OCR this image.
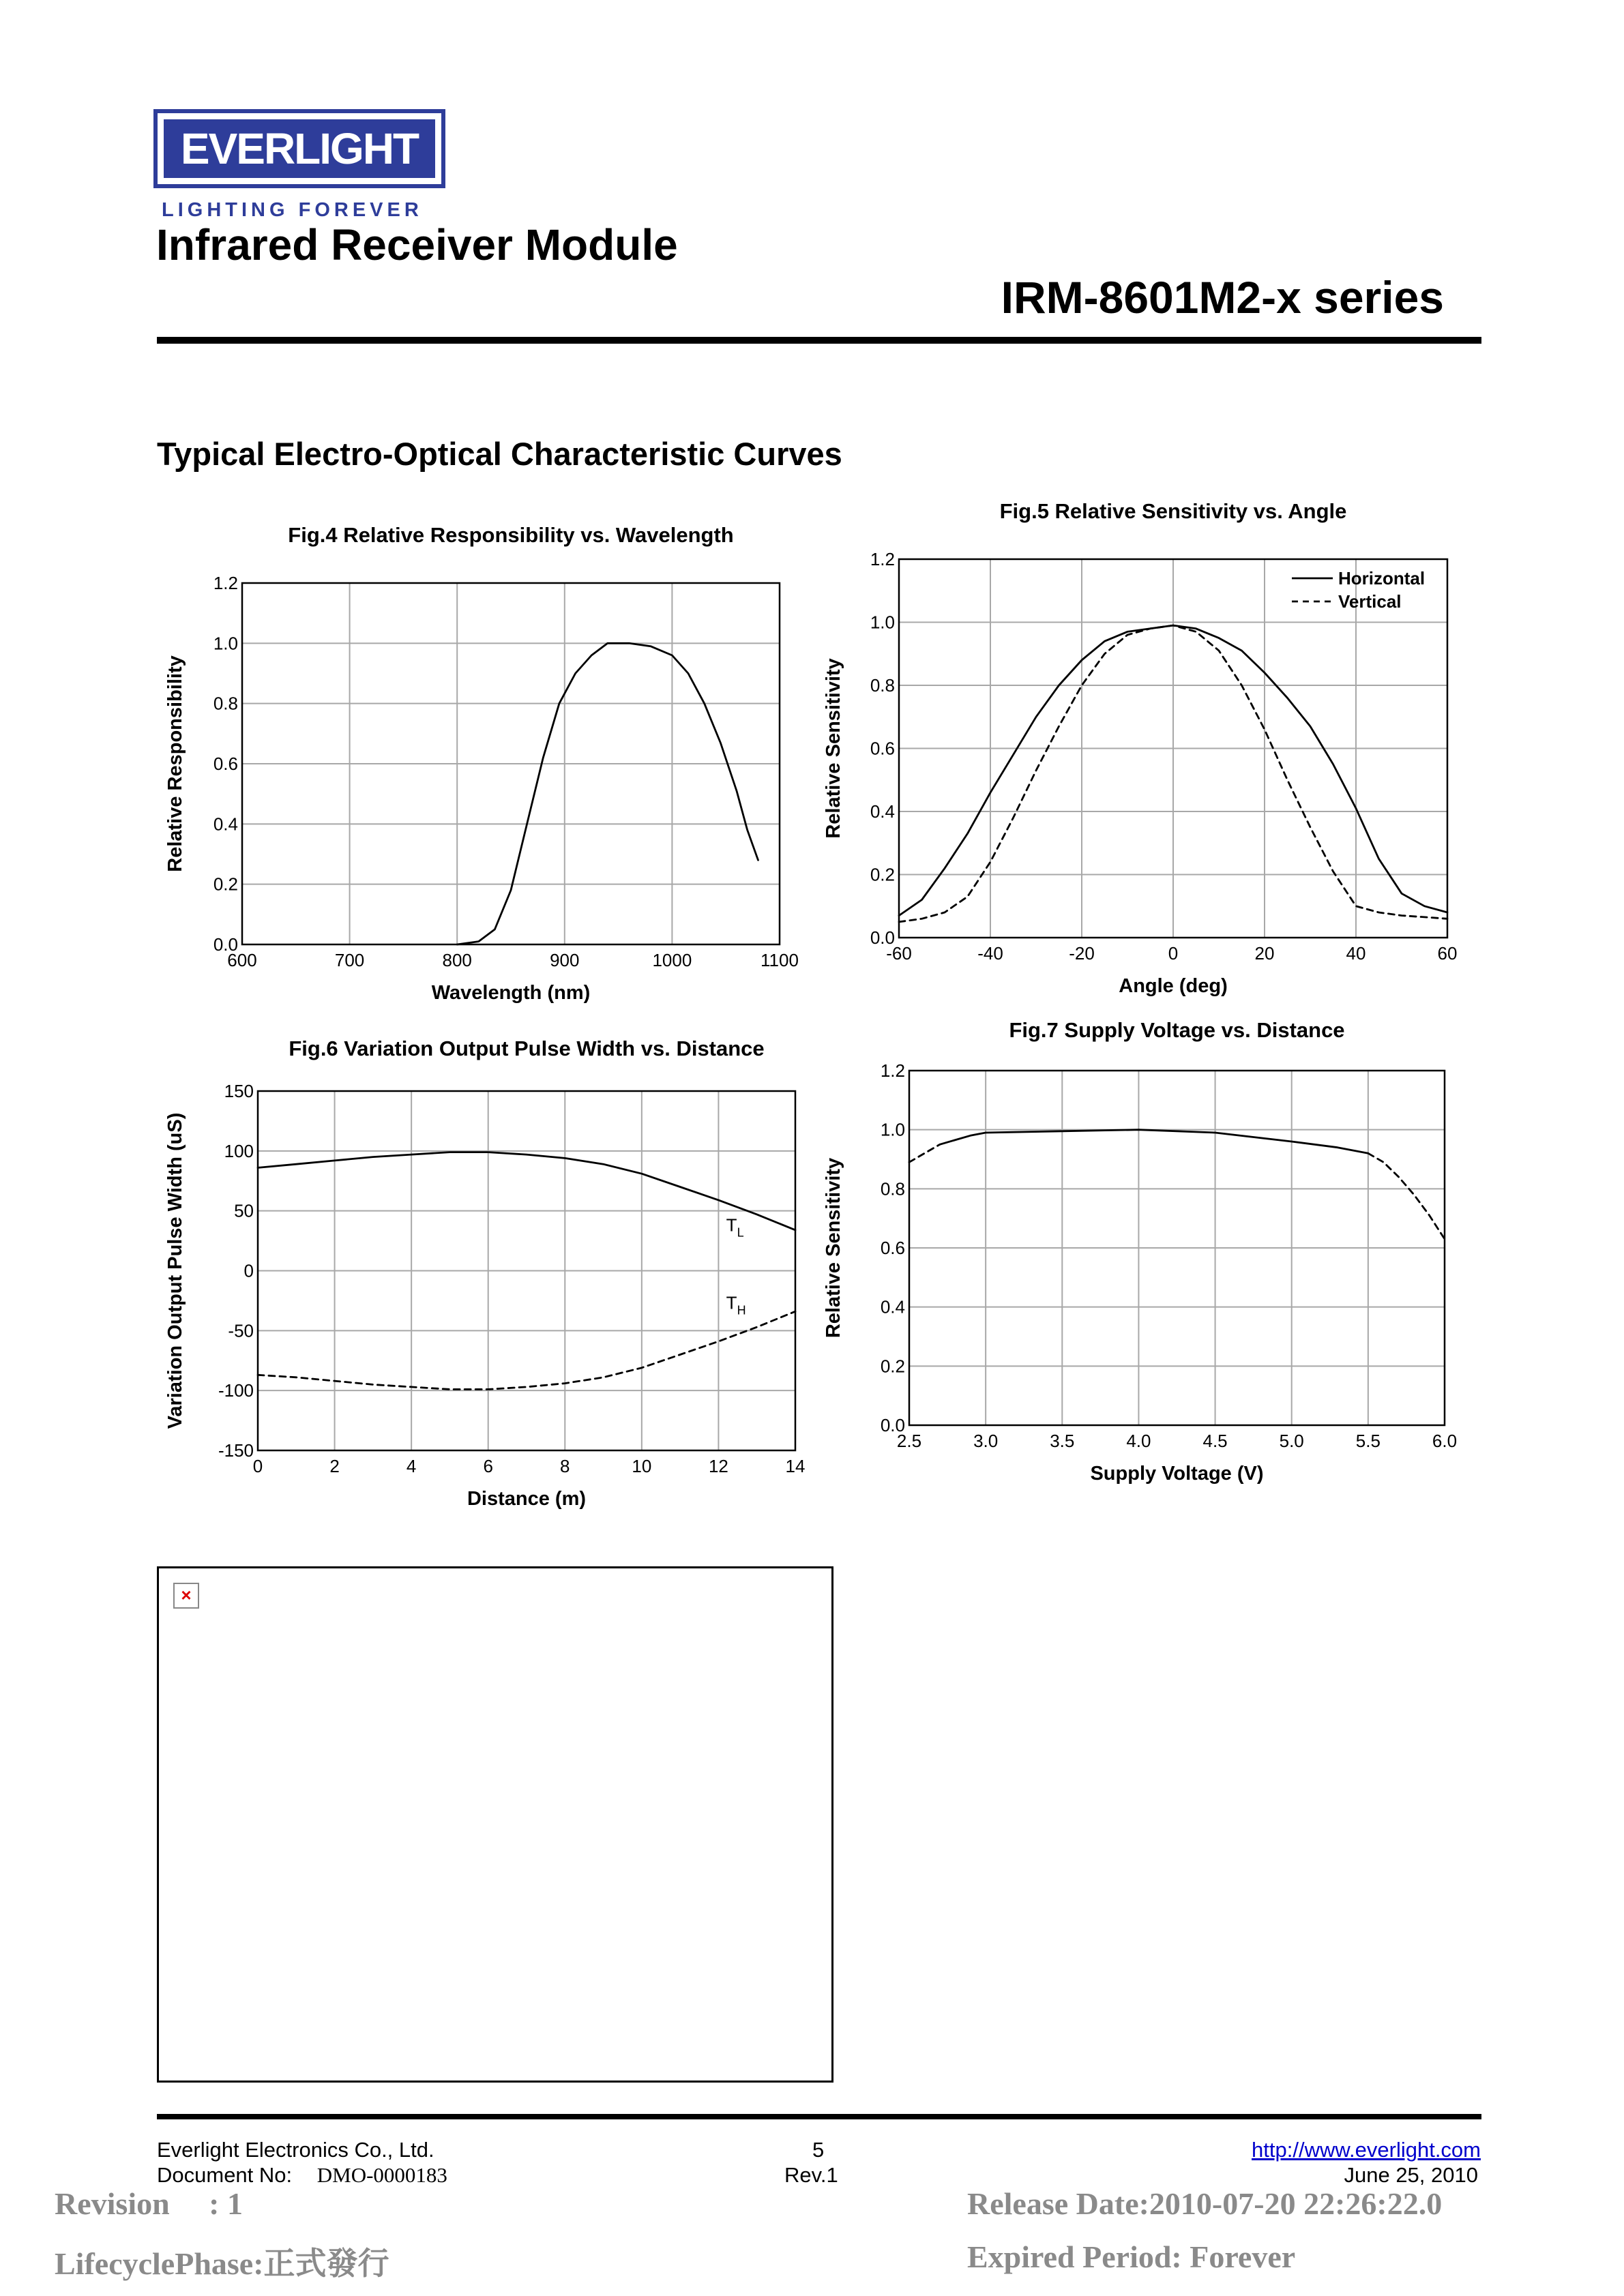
EVERLIGHT
LIGHTING FOREVER
Infrared Receiver Module
IRM-8601M2-x series
Typical Electro-Optical Characteristic Curves
Fig.4 Relative Responsibility vs. Wavelength
600	700	800	900	1000	1100
0.0
0.2
0.4
0.6
0.8
1.0
1.2
Wavelength (nm)
Relative Responsibility
Fig.5 Relative Sensitivity vs. Angle
-60	-40	-20	0	20	40	60
0.0
0.2
0.4
0.6
0.8
1.0
1.2
Angle (deg)
Relative Sensitivity
Horizontal
Vertical
Fig.6 Variation Output Pulse Width vs. Distance
0	2	4	6	8	10	12	14
-150
-100
-50
0
50
100
150
Distance (m)
Variation Output Pulse Width (uS)	$T_L$
$T_H$
Fig.7 Supply Voltage vs. Distance
2.5	3.0	3.5	4.0	4.5	5.0	5.5	6.0
0.0
0.2
0.4
0.6
0.8
1.0
1.2
Supply Voltage (V)
Relative Sensitivity
×
Everlight Electronics Co., Ltd.
Document No: DMO-0000183
5
Rev.1
http://www.everlight.com
June 25, 2010
Revision     : 1
LifecyclePhase:正式發行
Release Date:2010-07-20 22:26:22.0
Expired Period: Forever
